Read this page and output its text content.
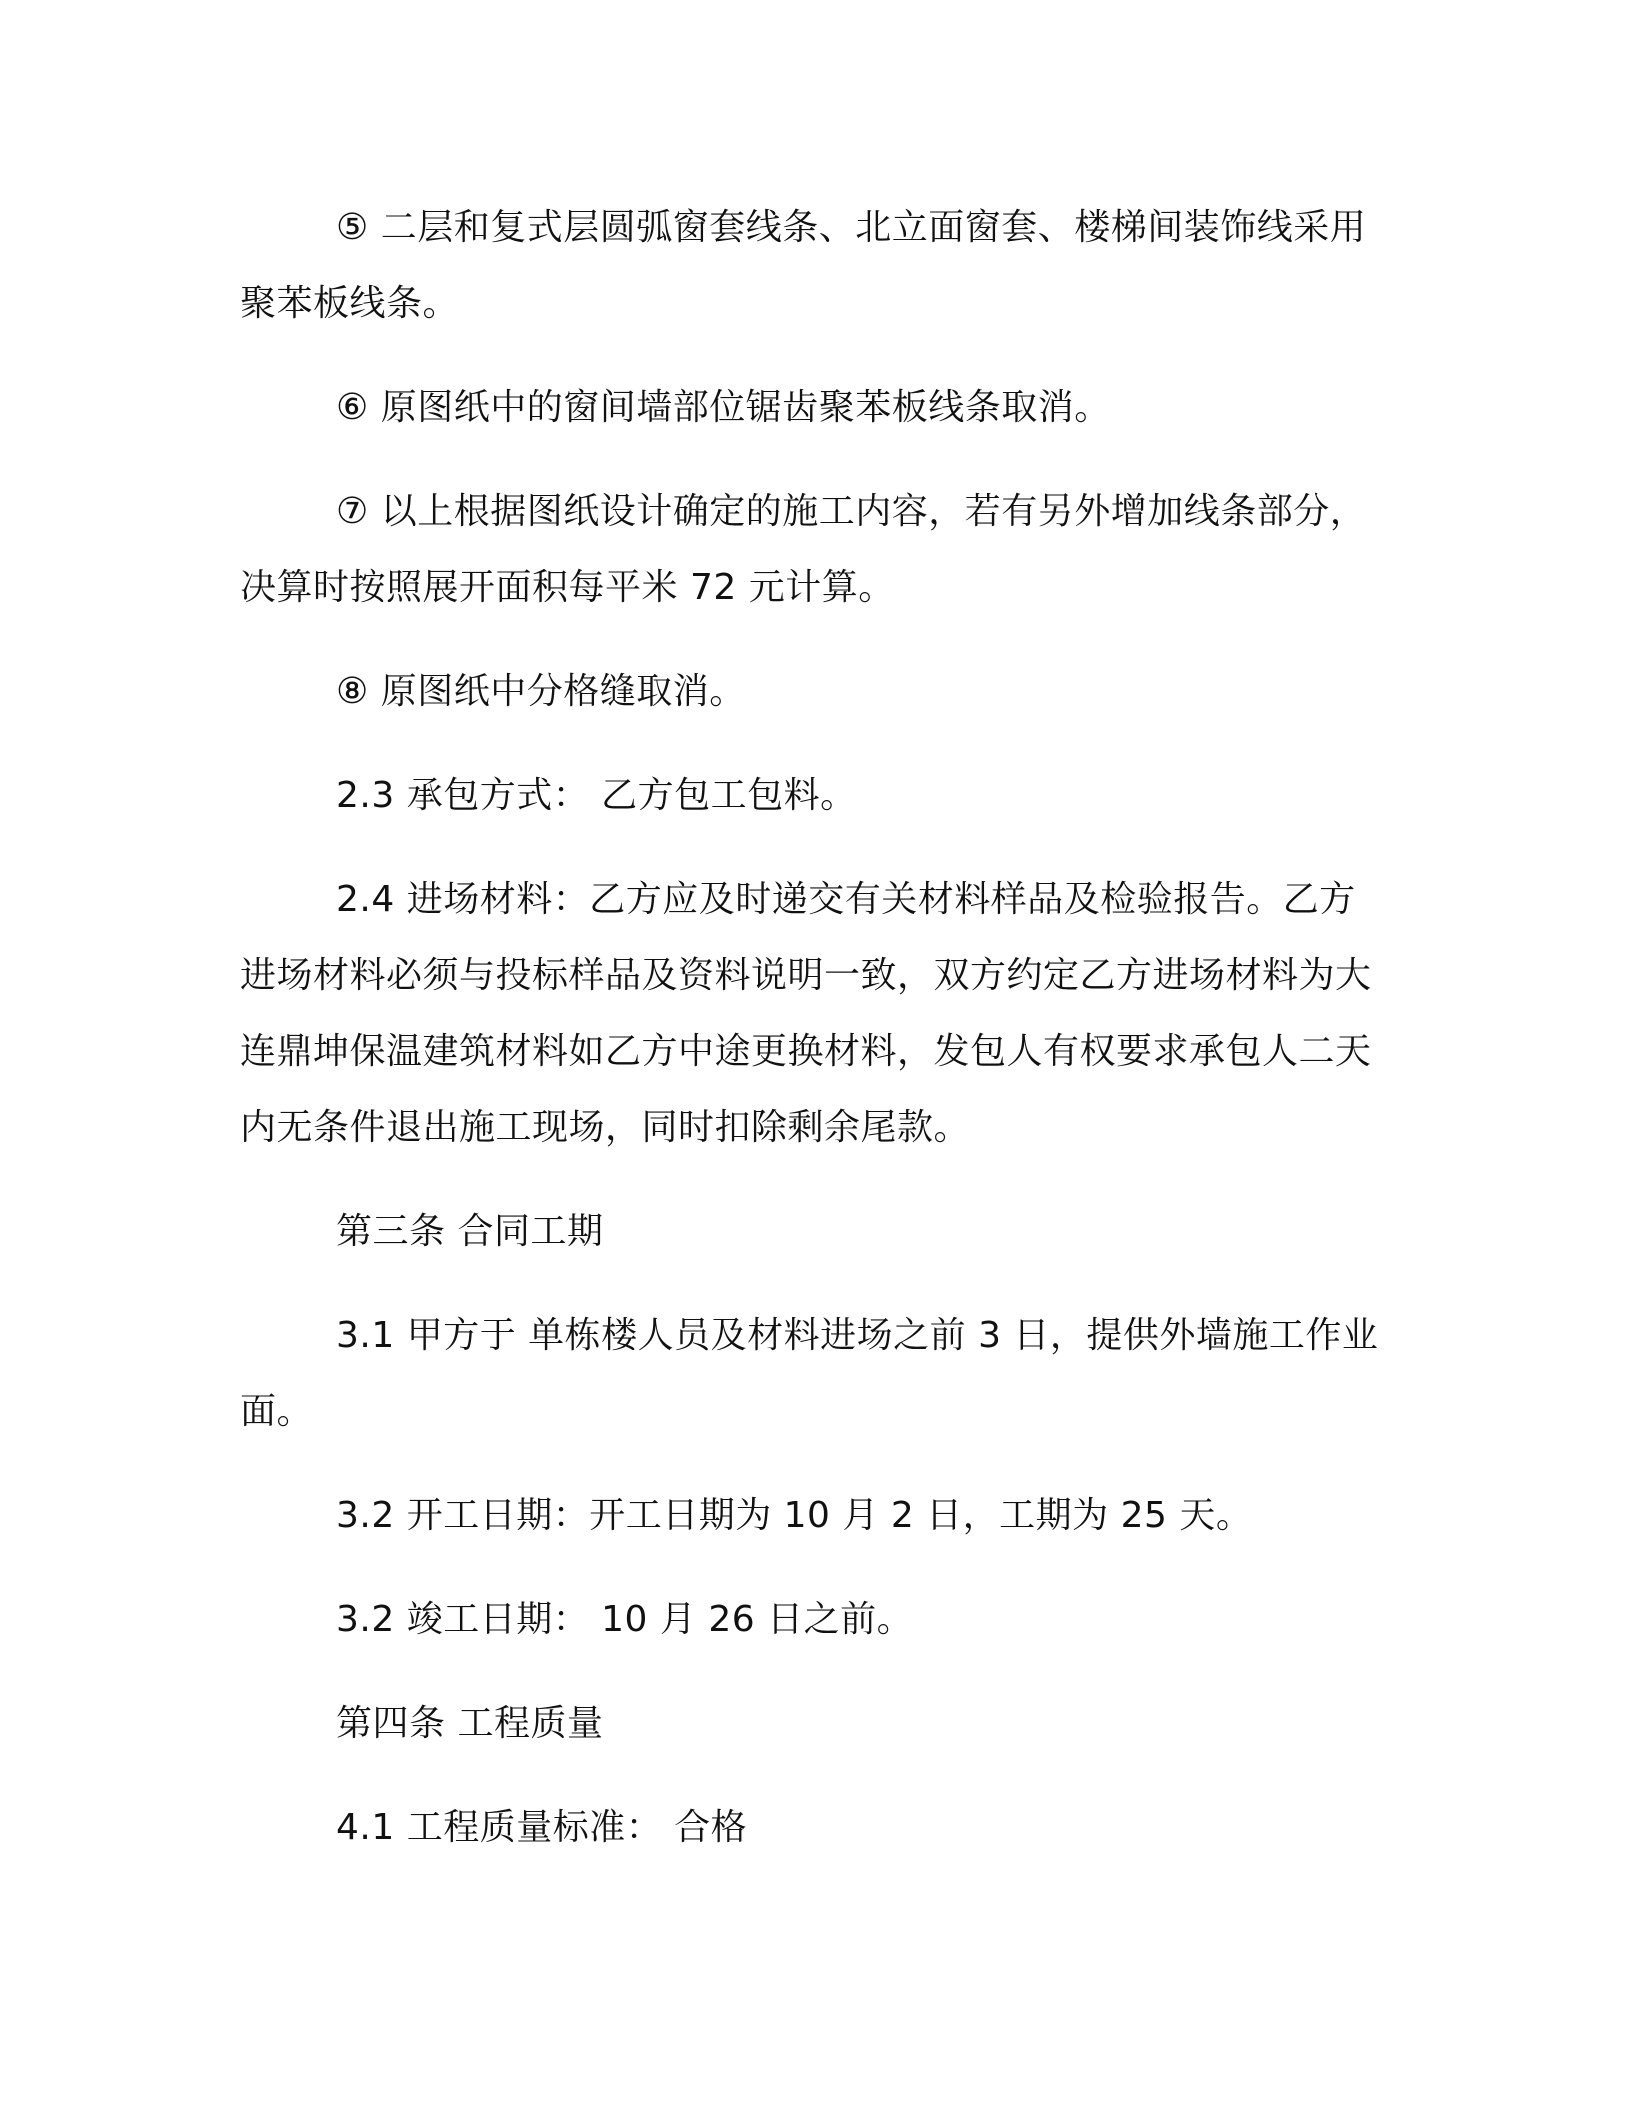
⑤ 二层和复式层圆弧窗套线条、北立面窗套、楼梯间装饰线采用聚苯板线条。

⑥ 原图纸中的窗间墙部位锯齿聚苯板线条取消。

⑦ 以上根据图纸设计确定的施工内容，若有另外增加线条部分，决算时按照展开面积每平米 72 元计算。

⑧ 原图纸中分格缝取消。

2.3 承包方式： 乙方包工包料。

2.4 进场材料：乙方应及时递交有关材料样品及检验报告。乙方进场材料必须与投标样品及资料说明一致，双方约定乙方进场材料为大连鼎坤保温建筑材料如乙方中途更换材料，发包人有权要求承包人二天内无条件退出施工现场，同时扣除剩余尾款。

第三条 合同工期

3.1 甲方于 单栋楼人员及材料进场之前 3 日，提供外墙施工作业面。

3.2 开工日期：开工日期为 10 月 2 日，工期为 25 天。

3.2 竣工日期： 10 月 26 日之前。

第四条 工程质量

4.1 工程质量标准： 合格
